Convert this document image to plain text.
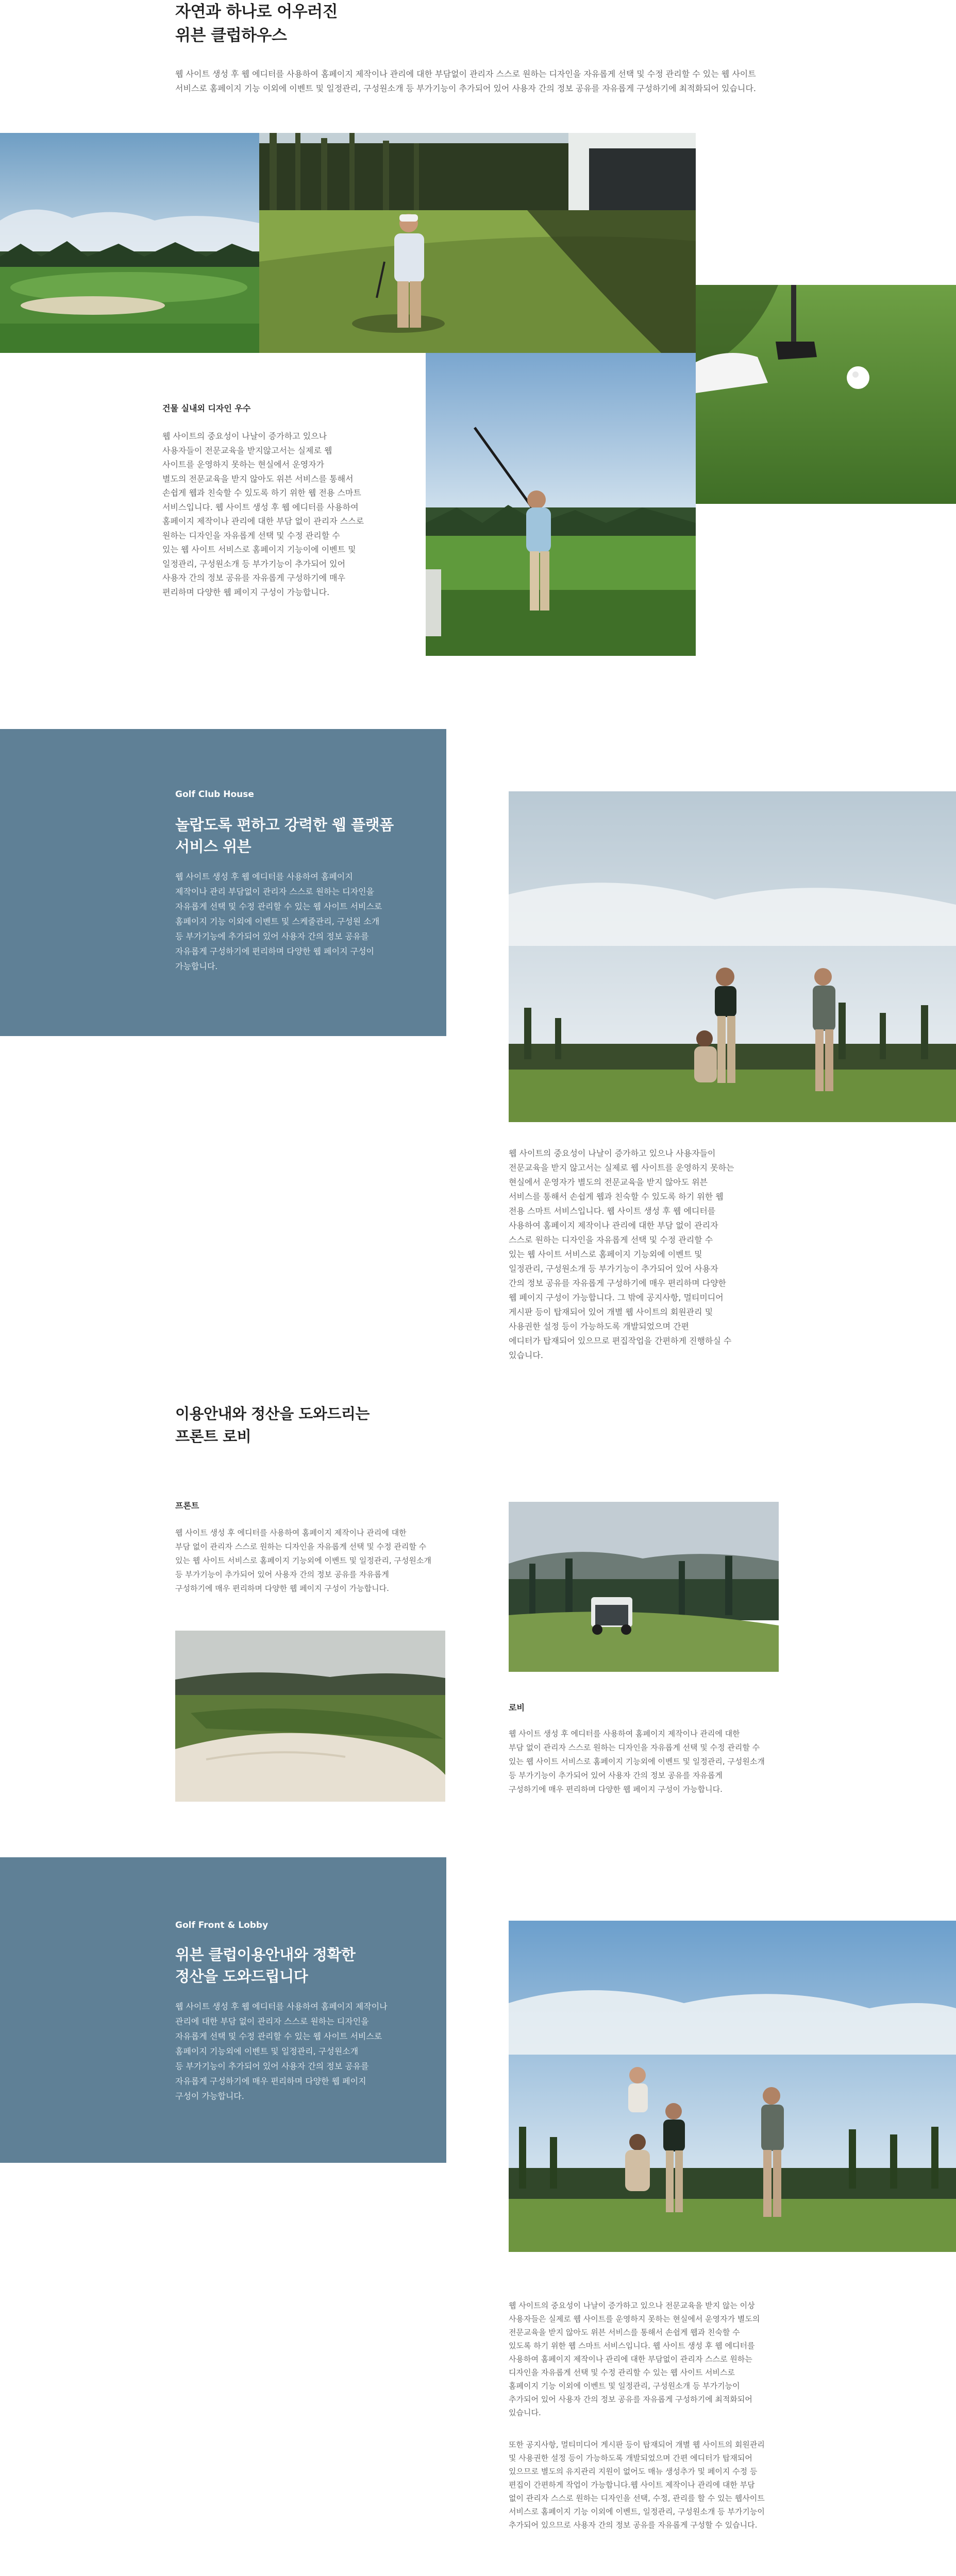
자연과 하나로 어우러진
위븐 클럽하우스
웹 사이트 생성 후 웹 에디터를 사용하여 홈페이지 제작이나 관리에 대한 부담없이 관리자 스스로 원하는 디자인을 자유롭게 선택 및 수정 관리할 수 있는 웹 사이트
서비스로 홈페이지 기능 이외에 이벤트 및 일정관리, 구성원소개 등 부가기능이 추가되어 있어 사용자 간의 정보 공유를 자유롭게 구성하기에 최적화되어 있습니다.
건물 실내외 디자인 우수
웹 사이트의 중요성이 나날이 증가하고 있으나
사용자들이 전문교육을 받지않고서는 실제로 웹
사이트를 운영하지 못하는 현실에서 운영자가
별도의 전문교육을 받지 않아도 위븐 서비스를 통해서
손쉽게 웹과 친숙할 수 있도록 하기 위한 웹 전용 스마트
서비스입니다. 웹 사이트 생성 후 웹 에디터를 사용하여
홈페이지 제작이나 관리에 대한 부담 없이 관리자 스스로
원하는 디자인을 자유롭게 선택 및 수정 관리할 수
있는 웹 사이트 서비스로 홈페이지 기능이에 이벤트 및
일정관리, 구성원소개 등 부가기능이 추가되어 있어
사용자 간의 정보 공유를 자유롭게 구성하기에 매우
편리하며 다양한 웹 페이지 구성이 가능합니다.
Golf Club House
놀랍도록 편하고 강력한 웹 플랫폼
서비스 위븐
웹 사이트 생성 후 웹 에디터를 사용하여 홈페이지
제작이나 관리 부담없이 관리자 스스로 원하는 디자인을
자유롭게 선택 및 수정 관리할 수 있는 웹 사이트 서비스로
홈페이지 기능 이외에 이벤트 및 스케줄관리, 구성원 소개
등 부가기능에 추가되어 있어 사용자 간의 정보 공유를
자유롭게 구성하기에 편리하며 다양한 웹 페이지 구성이
가능합니다.
웹 사이트의 중요성이 나날이 증가하고 있으나 사용자들이
전문교육을 받지 않고서는 실제로 웹 사이트를 운영하지 못하는
현실에서 운영자가 별도의 전문교육을 받지 않아도 위븐
서비스를 통해서 손쉽게 웹과 친숙할 수 있도록 하기 위한 웹
전용 스마트 서비스입니다. 웹 사이트 생성 후 웹 에디터를
사용하여 홈페이지 제작이나 관리에 대한 부담 없이 관리자
스스로 원하는 디자인을 자유롭게 선택 및 수정 관리할 수
있는 웹 사이트 서비스로 홈페이지 기능외에 이벤트 및
일정관리, 구성원소개 등 부가기능이 추가되어 있어 사용자
간의 정보 공유를 자유롭게 구성하기에 매우 편리하며 다양한
웹 페이지 구성이 가능합니다. 그 밖에 공지사항, 멀티미디어
게시판 등이 탑재되어 있어 개별 웹 사이트의 회원관리 및
사용권한 설정 등이 가능하도록 개발되었으며 간편
에디터가 탑재되어 있으므로 편집작업을 간편하게 진행하실 수
있습니다.
이용안내와 정산을 도와드리는
프론트 로비
프론트
웹 사이트 생성 후 에디터를 사용하여 홈페이지 제작이나 관리에 대한
부담 없이 관리자 스스로 원하는 디자인을 자유롭게 선택 및 수정 관리할 수
있는 웹 사이트 서비스로 홈페이지 기능외에 이벤트 및 일정관리, 구성원소개
등 부가기능이 추가되어 있어 사용자 간의 정보 공유를 자유롭게
구성하기에 매우 편리하며 다양한 웹 페이지 구성이 가능합니다.
로비
웹 사이트 생성 후 에디터를 사용하여 홈페이지 제작이나 관리에 대한
부담 없이 관리자 스스로 원하는 디자인을 자유롭게 선택 및 수정 관리할 수
있는 웹 사이트 서비스로 홈페이지 기능외에 이벤트 및 일정관리, 구성원소개
등 부가기능이 추가되어 있어 사용자 간의 정보 공유를 자유롭게
구성하기에 매우 편리하며 다양한 웹 페이지 구성이 가능합니다.
Golf Front & Lobby
위븐 클럽이용안내와 정확한
정산을 도와드립니다
웹 사이트 생성 후 웹 에디터를 사용하여 홈페이지 제작이나
관리에 대한 부담 없이 관리자 스스로 원하는 디자인을
자유롭게 선택 및 수정 관리할 수 있는 웹 사이트 서비스로
홈페이지 기능외에 이벤트 및 일정관리, 구성원소개
등 부가기능이 추가되어 있어 사용자 간의 정보 공유를
자유롭게 구성하기에 매우 편리하며 다양한 웹 페이지
구성이 가능합니다.
웹 사이트의 중요성이 나날이 증가하고 있으나 전문교육을 받지 않는 이상
사용자들은 실제로 웹 사이트를 운영하지 못하는 현실에서 운영자가 별도의
전문교육을 받지 않아도 위븐 서비스를 통해서 손쉽게 웹과 친숙할 수
있도록 하기 위한 웹 스마트 서비스입니다. 웹 사이트 생성 후 웹 에디터를
사용하여 홈페이지 제작이나 관리에 대한 부담없이 관리자 스스로 원하는
디자인을 자유롭게 선택 및 수정 관리할 수 있는 웹 사이트 서비스로
홈페이지 기능 이외에 이벤트 및 일정관리, 구성원소개 등 부가기능이
추가되어 있어 사용자 간의 정보 공유를 자유롭게 구성하기에 최적화되어
있습니다.
또한 공지사항, 멀티미디어 게시판 등이 탑재되어 개별 웹 사이트의 회원관리
및 사용권한 설정 등이 가능하도록 개발되었으며 간편 에디터가 탑재되어
있으므로 별도의 유지관리 지원이 없어도 매뉴 생성추가 및 페이지 수정 등
편집이 간편하게 작업이 가능합니다.웹 사이트 제작이나 관리에 대한 부담
없이 관리자 스스로 원하는 디자인을 선택, 수정, 관리를 할 수 있는 웹사이트
서비스로 홈페이지 기능 이외에 이벤트, 일정관리, 구성원소개 등 부가기능이
추가되어 있으므로 사용자 간의 정보 공유를 자유롭게 구성할 수 있습니다.
